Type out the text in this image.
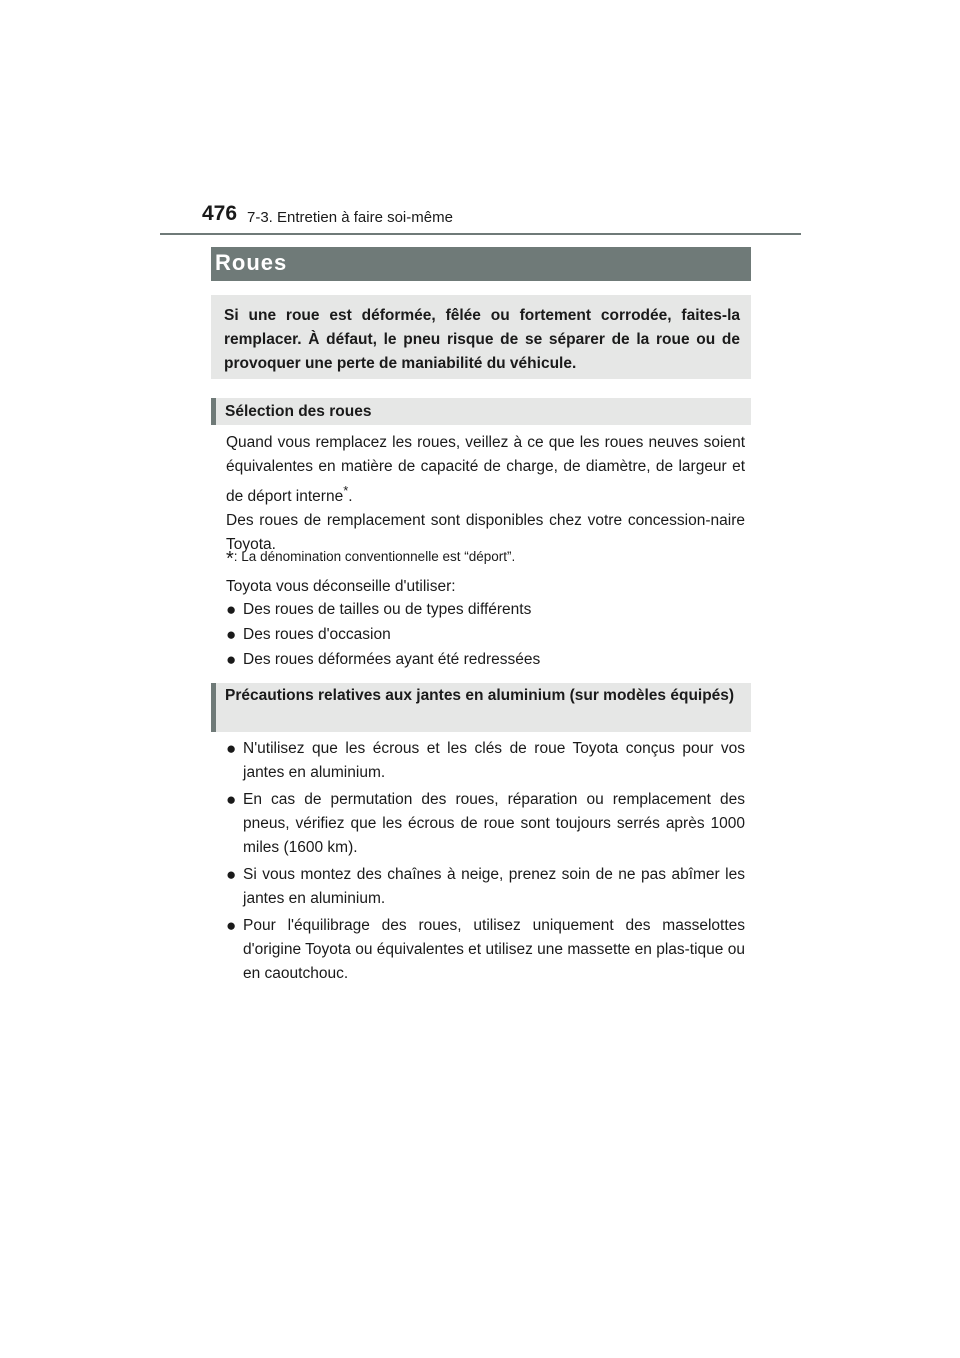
476 7-3. Entretien à faire soi-même
Roues

Si une roue est déformée, fêlée ou fortement corrodée, faites-la remplacer. À défaut, le pneu risque de se séparer de la roue ou de provoquer une perte de maniabilité du véhicule.

Sélection des roues

Quand vous remplacez les roues, veillez à ce que les roues neuves soient équivalentes en matière de capacité de charge, de diamètre, de largeur et de déport interne*.

Des roues de remplacement sont disponibles chez votre concession-naire Toyota.

*: La dénomination conventionnelle est “déport”.
Toyota vous déconseille d'utiliser:
● Des roues de tailles ou de types différents
● Des roues d'occasion
● Des roues déformées ayant été redressées
Précautions relatives aux jantes en aluminium (sur modèles équipés)
● N'utilisez que les écrous et les clés de roue Toyota conçus pour vos jantes en aluminium.
● En cas de permutation des roues, réparation ou remplacement des pneus, vérifiez que les écrous de roue sont toujours serrés après 1000 miles (1600 km).
● Si vous montez des chaînes à neige, prenez soin de ne pas abîmer les jantes en aluminium.
● Pour l'équilibrage des roues, utilisez uniquement des masselottes d'origine Toyota ou équivalentes et utilisez une massette en plas-tique ou en caoutchouc.
